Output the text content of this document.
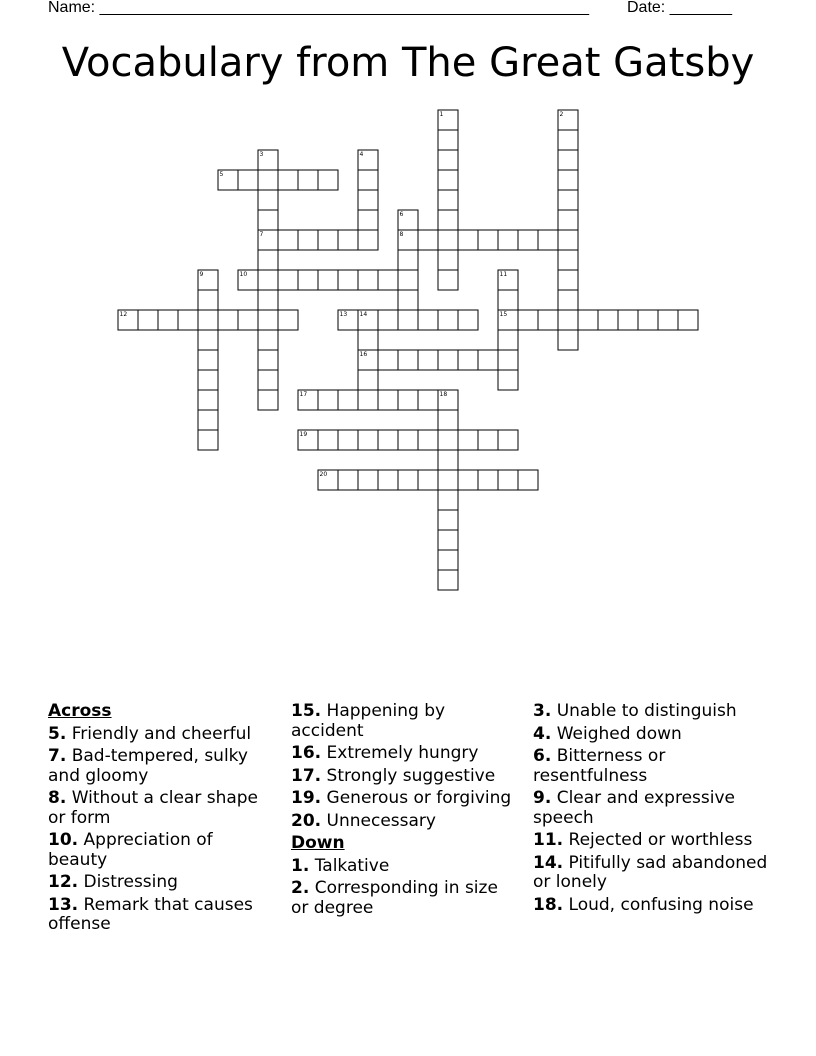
Name: _______________________________________________________ Date: _______
Vocabulary from The Great Gatsby
1	2
3	4
5
6
7	8
9	10	11
12	13 14	15
16
17	18
19
20
Across
5. Friendly and cheerful
7. Bad-tempered, sulky and gloomy
8. Without a clear shape or form
10. Appreciation of beauty
12. Distressing
13. Remark that causes offense
15. Happening by accident
16. Extremely hungry
17. Strongly suggestive
19. Generous or forgiving
20. Unnecessary
Down
1. Talkative
2. Corresponding in size or degree
3. Unable to distinguish
4. Weighed down
6. Bitterness or resentfulness
9. Clear and expressive speech
11. Rejected or worthless
14. Pitifully sad abandoned or lonely
18. Loud, confusing noise
